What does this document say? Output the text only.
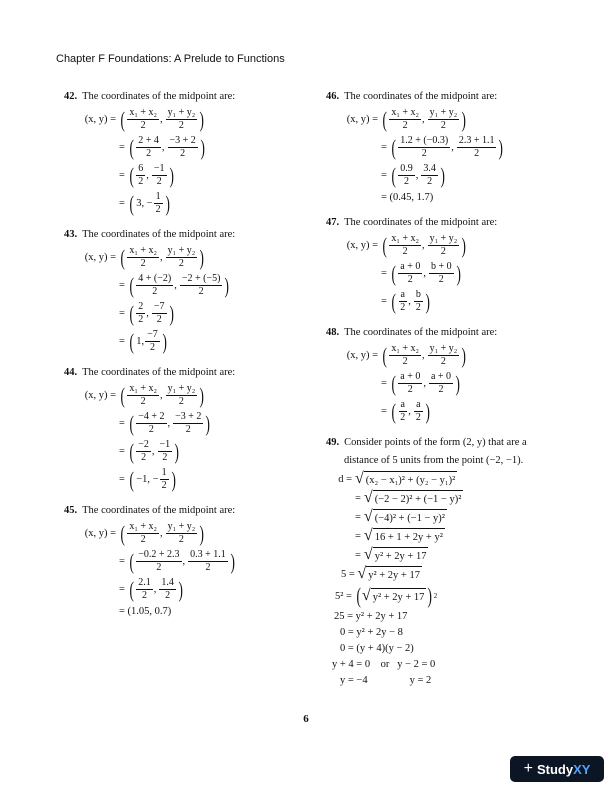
Chapter F Foundations: A Prelude to Functions
42. The coordinates of the midpoint are:
(x, y) = ( $\frac{\text{x₁ + x₂}}{2}$ , $\frac{\text{y₁ + y₂}}{2}$ )
= ( $\frac{2 + 4}{2}$ , $\frac{-3 + 2}{2}$ )
= ( $\frac{6}{2}$ , $\frac{-1}{2}$ )
= ( 3, − $\frac{1}{2}$ )
43. The coordinates of the midpoint are:
(x, y) = ( $\frac{\text{x₁ + x₂}}{2}$ , $\frac{\text{y₁ + y₂}}{2}$ )
= ( $\frac{4 + (-2)}{2}$ , $\frac{-2 + (-5)}{2}$ )
= ( $\frac{2}{2}$ , $\frac{-7}{2}$ )
= ( 1, $\frac{-7}{2}$ )
44. The coordinates of the midpoint are:
(x, y) = ( $\frac{\text{x₁ + x₂}}{2}$ , $\frac{\text{y₁ + y₂}}{2}$ )
= ( $\frac{-4 + 2}{2}$ , $\frac{-3 + 2}{2}$ )
= ( $\frac{-2}{2}$ , $\frac{-1}{2}$ )
= ( −1, − $\frac{1}{2}$ )
45. The coordinates of the midpoint are:
(x, y) = ( $\frac{\text{x₁ + x₂}}{2}$ , $\frac{\text{y₁ + y₂}}{2}$ )
= ( $\frac{-0.2 + 2.3}{2}$ , $\frac{0.3 + 1.1}{2}$ )
= ( $\frac{2.1}{2}$ , $\frac{1.4}{2}$ )
= (1.05, 0.7)
46. The coordinates of the midpoint are:
(x, y) = ( $\frac{\text{x₁ + x₂}}{2}$ , $\frac{\text{y₁ + y₂}}{2}$ )
= ( $\frac{1.2 + (-0.3)}{2}$ , $\frac{2.3 + 1.1}{2}$ )
= ( $\frac{0.9}{2}$ , $\frac{3.4}{2}$ )
= (0.45, 1.7)
47. The coordinates of the midpoint are:
(x, y) = ( $\frac{\text{x₁ + x₂}}{2}$ , $\frac{\text{y₁ + y₂}}{2}$ )
= ( $\frac{a + 0}{2}$ , $\frac{b + 0}{2}$ )
= ( $\frac{a}{2}$ , $\frac{b}{2}$ )
48. The coordinates of the midpoint are:
(x, y) = ( $\frac{\text{x₁ + x₂}}{2}$ , $\frac{\text{y₁ + y₂}}{2}$ )
= ( $\frac{a + 0}{2}$ , $\frac{a + 0}{2}$ )
= ( $\frac{a}{2}$ , $\frac{a}{2}$ )
49. Consider points of the form (2, y) that are a
distance of 5 units from the point (−2, −1).
d = √ (x₂ − x₁)² + (y₂ − y₁)²
= √ (−2 − 2)² + (−1 − y)²
= √ (−4)² + (−1 − y)²
= √ 16 + 1 + 2y + y²
= √ y² + 2y + 17
5 =
√ y² + 2y + 17
5² =
( √ y² + 2y + 17 ) 2
25 = y² + 2y + 17
0 = y² + 2y − 8
0 = (y + 4)(y − 2)
y + 4 = 0
or
y − 2 = 0
y = −4
	y = 2
6
+ Study XY
